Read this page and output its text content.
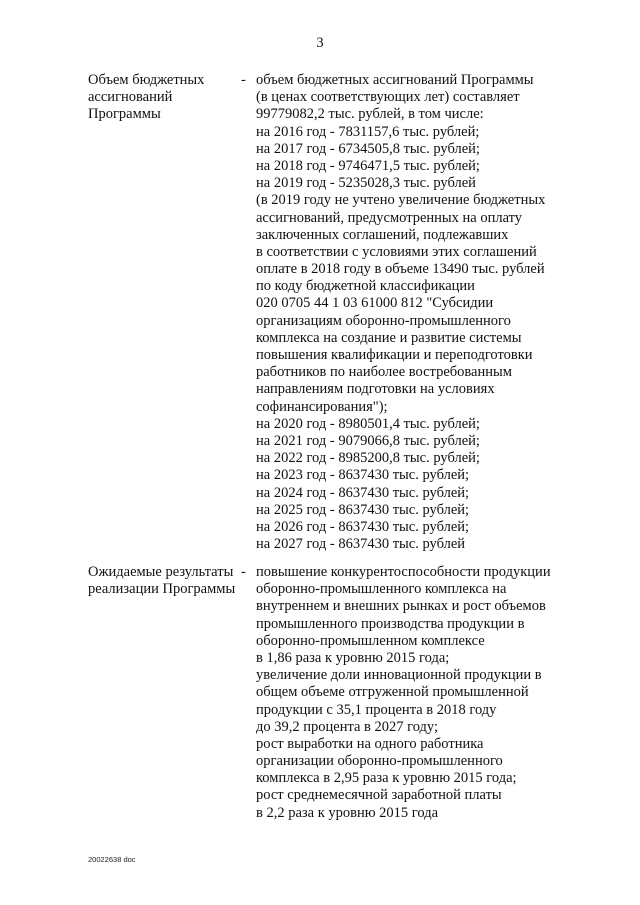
3
Объем бюджетных
ассигнований
Программы
- объем бюджетных ассигнований Программы
(в ценах соответствующих лет) составляет
99779082,2 тыс. рублей, в том числе:
на 2016 год - 7831157,6 тыс. рублей;
на 2017 год - 6734505,8 тыс. рублей;
на 2018 год - 9746471,5 тыс. рублей;
на 2019 год - 5235028,3 тыс. рублей
(в 2019 году не учтено увеличение бюджетных
ассигнований, предусмотренных на оплату
заключенных соглашений, подлежавших
в соответствии с условиями этих соглашений
оплате в 2018 году в объеме 13490 тыс. рублей
по коду бюджетной классификации
020 0705 44 1 03 61000 812 "Субсидии
организациям оборонно-промышленного
комплекса на создание и развитие системы
повышения квалификации и переподготовки
работников по наиболее востребованным
направлениям подготовки на условиях
софинансирования");
на 2020 год - 8980501,4 тыс. рублей;
на 2021 год - 9079066,8 тыс. рублей;
на 2022 год - 8985200,8 тыс. рублей;
на 2023 год - 8637430 тыс. рублей;
на 2024 год - 8637430 тыс. рублей;
на 2025 год - 8637430 тыс. рублей;
на 2026 год - 8637430 тыс. рублей;
на 2027 год - 8637430 тыс. рублей
Ожидаемые результаты
реализации Программы
- повышение конкурентоспособности продукции
оборонно-промышленного комплекса на
внутреннем и внешних рынках и рост объемов
промышленного производства продукции в
оборонно-промышленном комплексе
в 1,86 раза к уровню 2015 года;
увеличение доли инновационной продукции в
общем объеме отгруженной промышленной
продукции с 35,1 процента в 2018 году
до 39,2 процента в 2027 году;
рост выработки на одного работника
организации оборонно-промышленного
комплекса в 2,95 раза к уровню 2015 года;
рост среднемесячной заработной платы
в 2,2 раза к уровню 2015 года
20022638 doc
